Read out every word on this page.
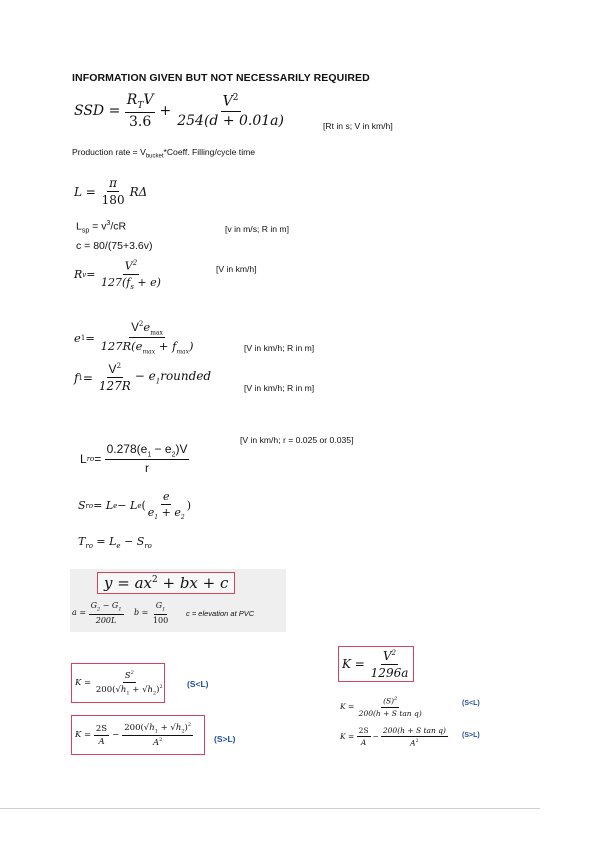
INFORMATION GIVEN BUT NOT NECESSARILY REQUIRED
SSD =
$\frac{R_TV}{3.6} + \frac{V^2}{254(d + 0.01a)}$	[Rt in s; V in km/h]
Production rate = $V_{bucket}*Coeff$. Filling/cycle time
L =
$\frac{\pi}{180}$ RΔ
$L_{sp} = v^3/cR$
c = 80/(75+3.6v)
[v in m/s; R in m]
R v =
$\frac{V^2}{127(f_s + e)}$	[V in km/h]
e 1 =
$\frac{V^2e_{max}}{127R(e_{max} + f_{max})}$	[V in km/h; R in m]
f 1 =
$\frac{V^2}{127R}$ − $e_1rounded$
[V in km/h; R in m]
L ro =
$\frac{0.278(e_1 - e_2)V}{r}$
[V in km/h; r = 0.025 or 0.035]
S ro = L e − L e ( $\frac{e}{e_1 + e_2}$ )
$T_{ro} = L_e - S_{ro}$
$y = ax^2$ + bx + c
a =
$\frac{G_2 - G_1}{200L}$ b =
$\frac{G_1}{100}$ c = elevation at PVC
K =
$\frac{S^2}{200(√h_1 + √h_2)^2}$	(S<L)
K =
$\frac{2S}{A} - \frac{200(√h_1 + √h_2)^2}{A^2} (S>L)$
K =
$\frac{V^2}{1296a}$
K =
$\frac{(S)^2}{\text{200(h + S tan q)}}$	(S<L)
K =
$\frac{2S}{A} - \frac{\text{200(h + S tan q)}}{A^2} (S>L)$
